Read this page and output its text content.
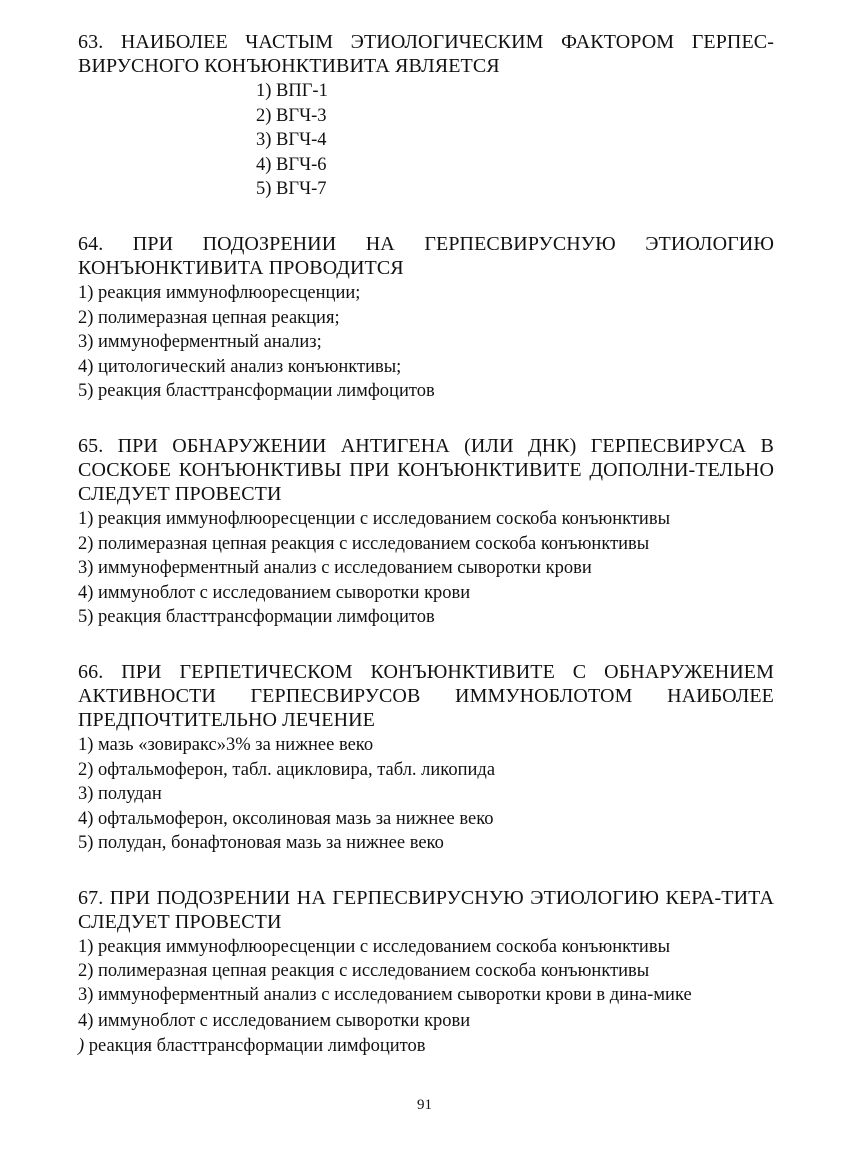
63. НАИБОЛЕЕ ЧАСТЫМ ЭТИОЛОГИЧЕСКИМ ФАКТОРОМ ГЕРПЕС-ВИРУСНОГО КОНЪЮНКТИВИТА ЯВЛЯЕТСЯ

1) ВПГ-1
2) ВГЧ-3
3) ВГЧ-4
4) ВГЧ-6
5) ВГЧ-7

64. ПРИ ПОДОЗРЕНИИ НА ГЕРПЕСВИРУСНУЮ ЭТИОЛОГИЮ КОНЪЮНКТИВИТА ПРОВОДИТСЯ

1) реакция иммунофлюоресценции;
2) полимеразная цепная реакция;
3) иммуноферментный анализ;
4) цитологический анализ конъюнктивы;
5) реакция бласттрансформации лимфоцитов

65. ПРИ ОБНАРУЖЕНИИ АНТИГЕНА (ИЛИ ДНК) ГЕРПЕСВИРУСА В СОСКОБЕ КОНЪЮНКТИВЫ ПРИ КОНЪЮНКТИВИТЕ ДОПОЛНИ-ТЕЛЬНО СЛЕДУЕТ ПРОВЕСТИ

1) реакция иммунофлюоресценции с исследованием соскоба конъюнктивы
2) полимеразная цепная реакция с исследованием соскоба конъюнктивы
3) иммуноферментный анализ с исследованием сыворотки крови
4) иммуноблот с исследованием сыворотки крови
5) реакция бласттрансформации лимфоцитов

66. ПРИ ГЕРПЕТИЧЕСКОМ КОНЪЮНКТИВИТЕ С ОБНАРУЖЕНИЕМ АКТИВНОСТИ ГЕРПЕСВИРУСОВ ИММУНОБЛОТОМ НАИБОЛЕЕ ПРЕДПОЧТИТЕЛЬНО ЛЕЧЕНИЕ

1) мазь «зовиракс»3% за нижнее веко
2) офтальмоферон, табл. ацикловира, табл. ликопида
3) полудан
4) офтальмоферон, оксолиновая мазь за нижнее веко
5) полудан, бонафтоновая мазь за нижнее веко

67. ПРИ ПОДОЗРЕНИИ НА ГЕРПЕСВИРУСНУЮ ЭТИОЛОГИЮ КЕРА-ТИТА СЛЕДУЕТ ПРОВЕСТИ

1) реакция иммунофлюоресценции с исследованием соскоба конъюнктивы
2) полимеразная цепная реакция с исследованием соскоба конъюнктивы
3) иммуноферментный анализ с исследованием сыворотки крови в дина-мике
4) иммуноблот с исследованием сыворотки крови
) реакция бласттрансформации лимфоцитов
91
